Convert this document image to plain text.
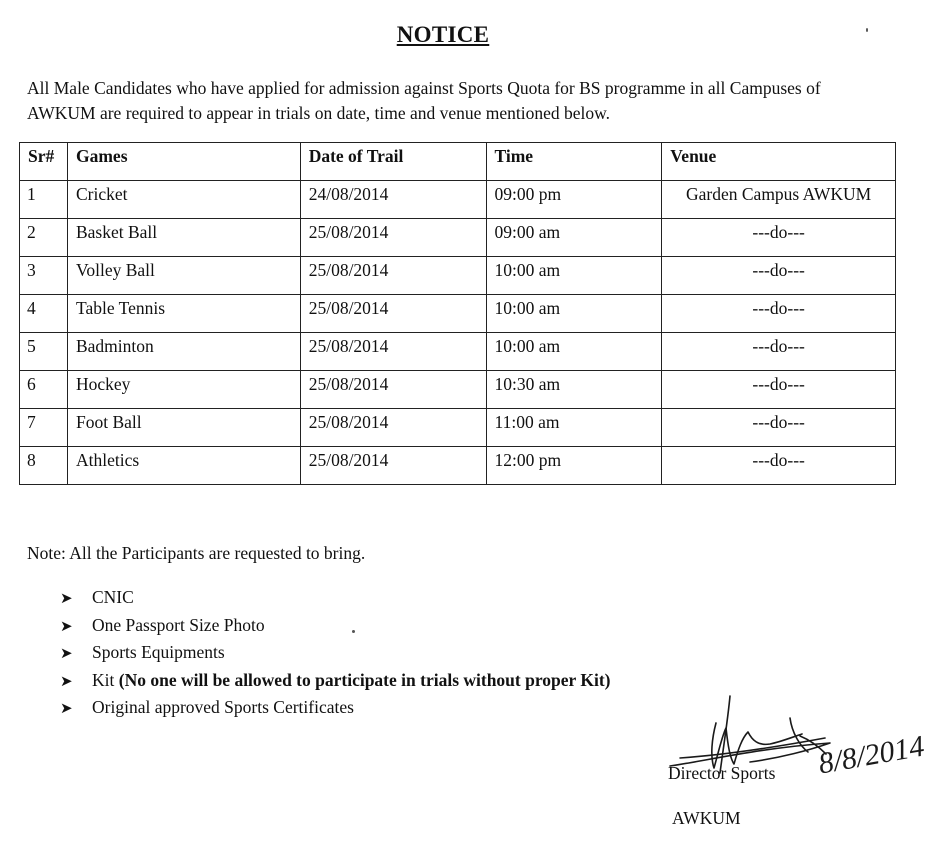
NOTICE
All Male Candidates who have applied for admission against Sports Quota for BS programme in all Campuses of AWKUM are required to appear in trials on date, time and venue mentioned below.
Sr#	Games	Date of Trail	Time	Venue
1	Cricket	24/08/2014	09:00 pm	Garden Campus AWKUM
2	Basket Ball	25/08/2014	09:00 am	---do---
3	Volley Ball	25/08/2014	10:00 am	---do---
4	Table Tennis	25/08/2014	10:00 am	---do---
5	Badminton	25/08/2014	10:00 am	---do---
6	Hockey	25/08/2014	10:30 am	---do---
7	Foot Ball	25/08/2014	11:00 am	---do---
8	Athletics	25/08/2014	12:00 pm	---do---
Note: All the Participants are requested to bring.
➤	CNIC
➤	One Passport Size Photo
➤	Sports Equipments
➤	Kit (No one will be allowed to participate in trials without proper Kit)
➤	Original approved Sports Certificates
8/8/2014
Director Sports
AWKUM
